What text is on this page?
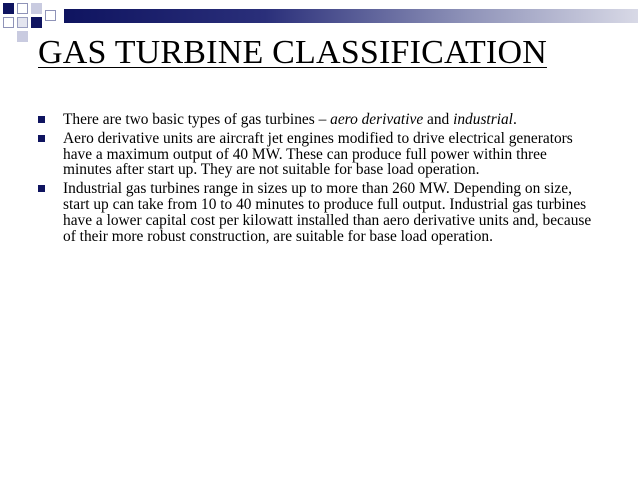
GAS TURBINE CLASSIFICATION
There are two basic types of gas turbines – aero derivative and industrial.
Aero derivative units are aircraft jet engines modified to drive electrical generators have a maximum output of 40 MW. These can produce full power within three minutes after start up. They are not suitable for base load operation.
Industrial gas turbines range in sizes up to more than 260 MW. Depending on size, start up can take from 10 to 40 minutes to produce full output. Industrial gas turbines have a lower capital cost per kilowatt installed than aero derivative units and, because of their more robust construction, are suitable for base load operation.
